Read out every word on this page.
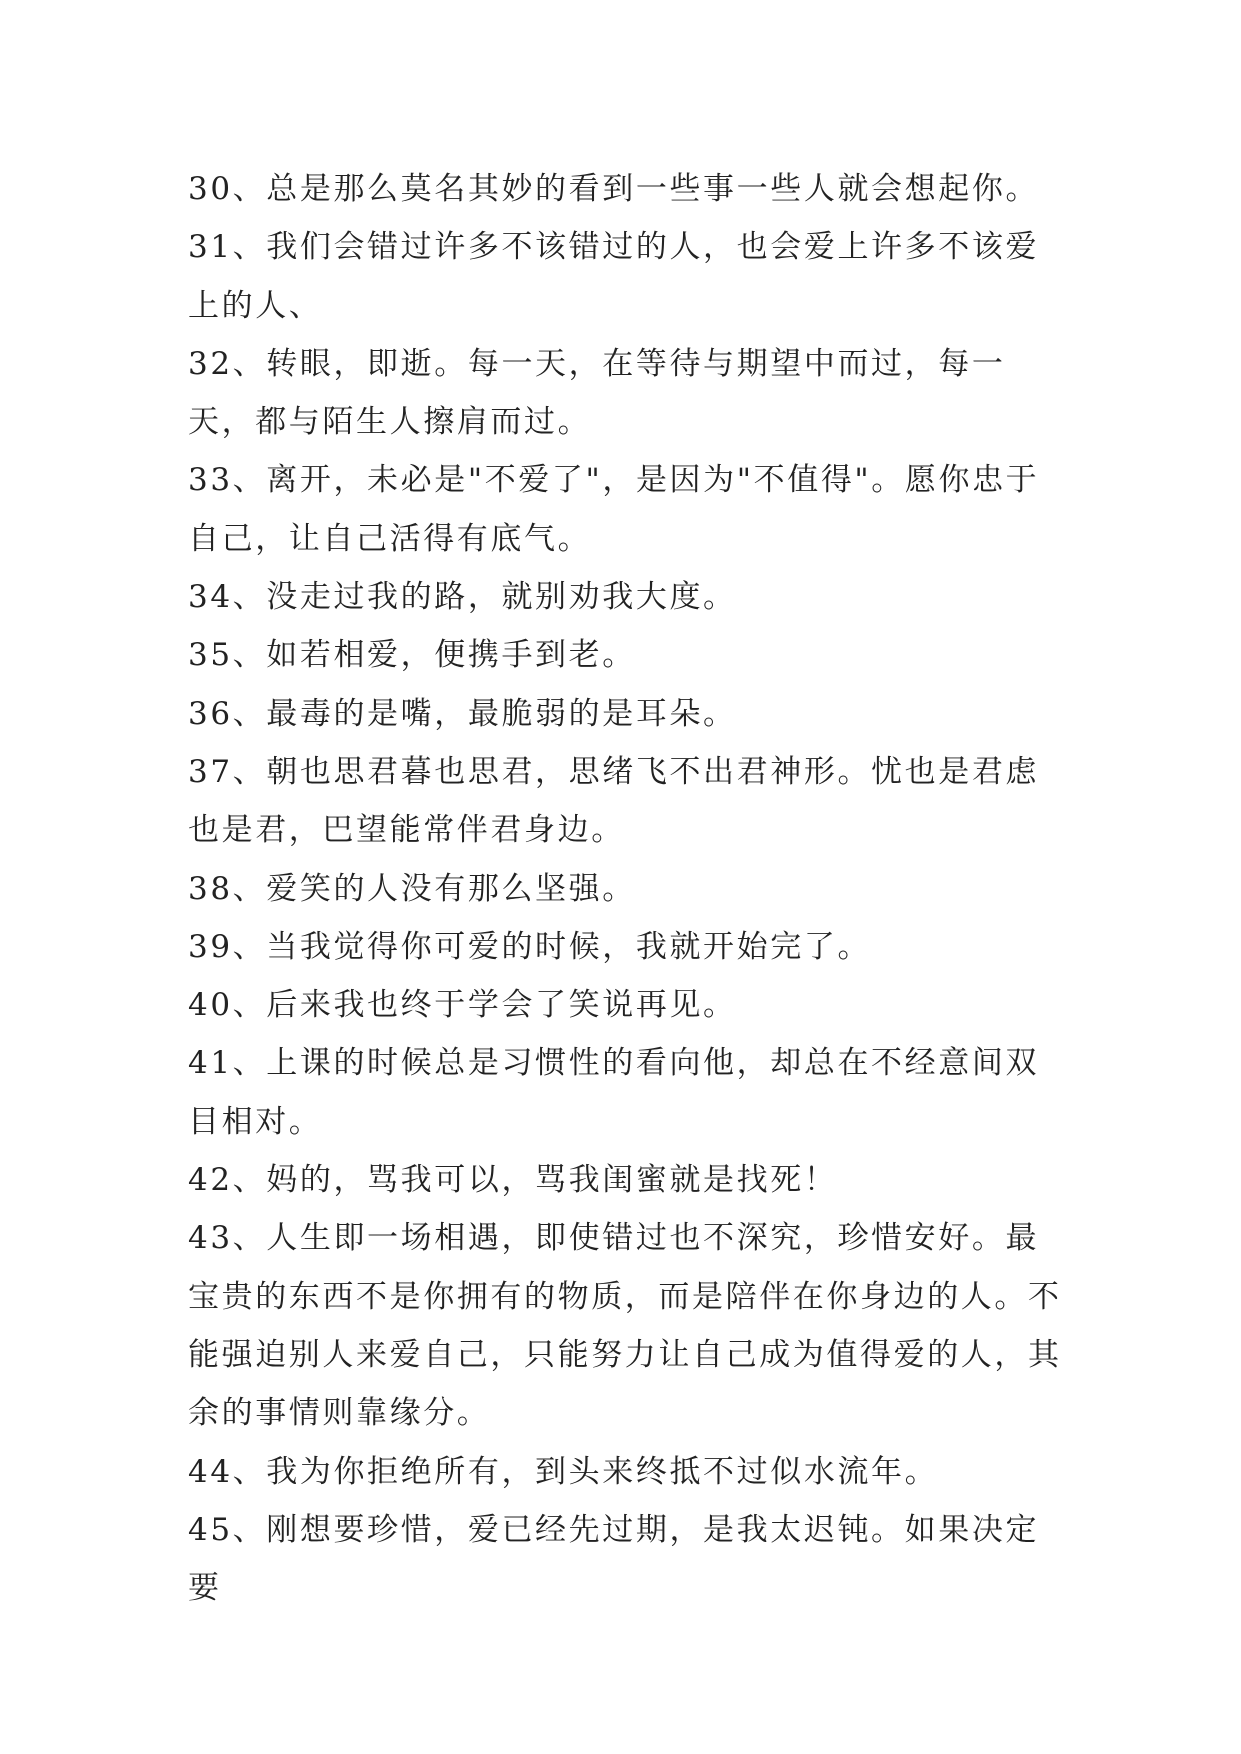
30、总是那么莫名其妙的看到一些事一些人就会想起你。

31、我们会错过许多不该错过的人，也会爱上许多不该爱上的人、

32、转眼，即逝。每一天，在等待与期望中而过，每一天，都与陌生人擦肩而过。

33、离开，未必是"不爱了"，是因为"不值得"。愿你忠于自己，让自己活得有底气。

34、没走过我的路，就别劝我大度。

35、如若相爱，便携手到老。

36、最毒的是嘴，最脆弱的是耳朵。

37、朝也思君暮也思君，思绪飞不出君神形。忧也是君虑也是君，巴望能常伴君身边。

38、爱笑的人没有那么坚强。

39、当我觉得你可爱的时候，我就开始完了。

40、后来我也终于学会了笑说再见。

41、上课的时候总是习惯性的看向他，却总在不经意间双目相对。

42、妈的，骂我可以，骂我闺蜜就是找死！

43、人生即一场相遇，即使错过也不深究，珍惜安好。最宝贵的东西不是你拥有的物质，而是陪伴在你身边的人。不能强迫别人来爱自己，只能努力让自己成为值得爱的人，其余的事情则靠缘分。

44、我为你拒绝所有，到头来终抵不过似水流年。

45、刚想要珍惜，爱已经先过期，是我太迟钝。如果决定要
